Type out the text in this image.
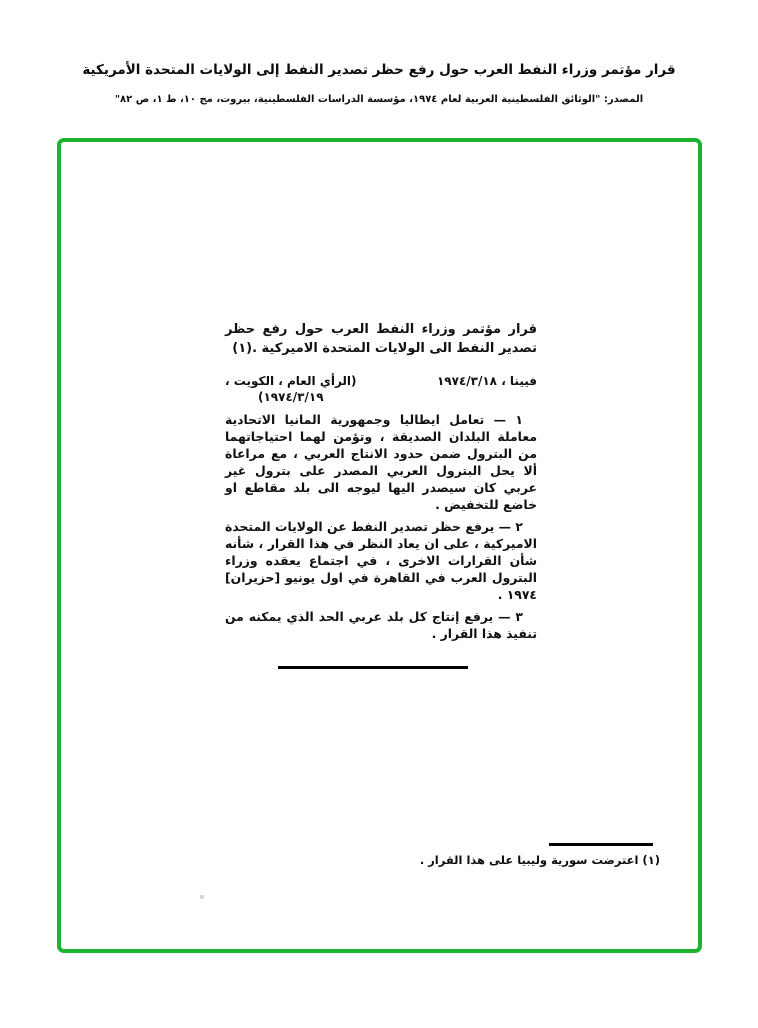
قرار مؤتمر وزراء النفط العرب حول رفع حظر تصدير النفط إلى الولايات المتحدة الأمريكية
المصدر: "الوثائق الفلسطينية العربية لعام ١٩٧٤، مؤسسة الدراسات الفلسطينية، بيروت، مج ١٠، ط ١، ص ٨٢"
قرار مؤتمر وزراء النفط العرب حول رفع حظر تصدير النفط الى الولايات المتحدة الاميركية .(١)
فيينا ، ١٩٧٤/٣/١٨
(الرأي العام ، الكويت ،
١٩٧٤/٣/١٩)

١ — تعامل ايطاليا وجمهورية المانيا الاتحادية معاملة البلدان الصديقة ، وتؤمن لهما احتياجاتهما من البترول ضمن حدود الانتاج العربي ، مع مراعاة ألا يحل البترول العربي المصدر على بترول غير عربي كان سيصدر اليها ليوجه الى بلد مقاطع او خاضع للتخفيض .

٢ — يرفع حظر تصدير النفط عن الولايات المتحدة الاميركية ، على ان يعاد النظر في هذا القرار ، شأنه شأن القرارات الاخرى ، في اجتماع يعقده وزراء البترول العرب في القاهرة في اول يونيو [حزيران] ١٩٧٤ .

٣ — يرفع إنتاج كل بلد عربي الحد الذي يمكنه من تنفيذ هذا القرار .

(١) اعترضت سورية وليبيا على هذا القرار .
